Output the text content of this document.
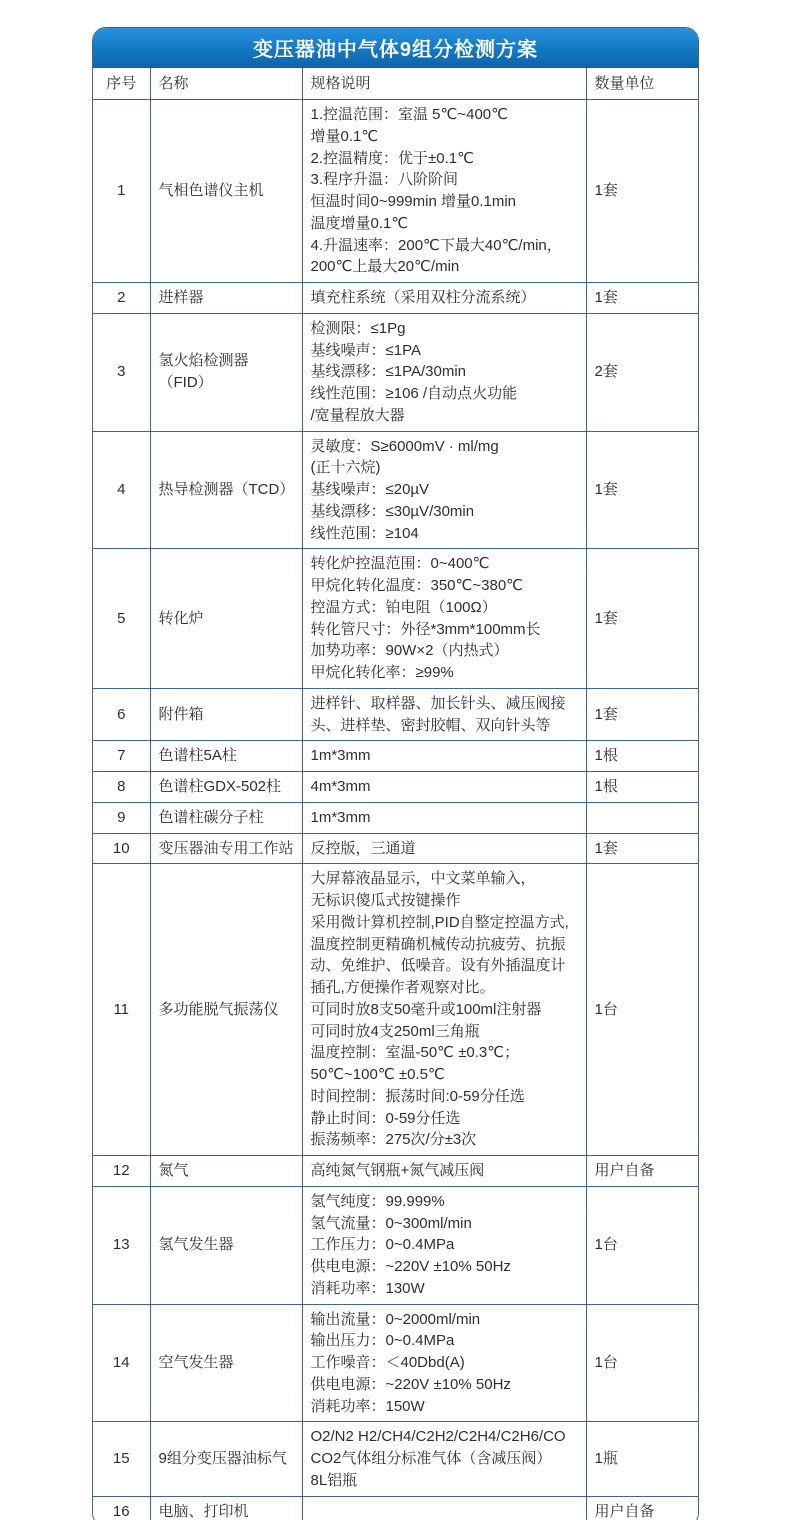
变压器油中气体9组分检测方案
序号	名称	规格说明	数量单位
1	气相色谱仪主机	1.控温范围：室温 5℃~400℃
增量0.1℃
2.控温精度：优于±0.1℃
3.程序升温：八阶阶间
恒温时间0~999min 增量0.1min
温度增量0.1℃
4.升温速率：200℃下最大40℃/min，
200℃上最大20℃/min	1套
2	进样器	填充柱系统（采用双柱分流系统）	1套
3	氢火焰检测器（FID）	检测限：≤1Pg
基线噪声：≤1PA
基线漂移：≤1PA/30min
线性范围：≥106 /自动点火功能
/宽量程放大器	2套
4	热导检测器（TCD）	灵敏度：S≥6000mV · ml/mg
(正十六烷)
基线噪声：≤20µV
基线漂移：≤30µV/30min
线性范围：≥104	1套
5	转化炉	转化炉控温范围：0~400℃
甲烷化转化温度：350℃~380℃
控温方式：铂电阻（100Ω）
转化管尺寸：外径*3mm*100mm长
加势功率：90W×2（内热式）
甲烷化转化率：≥99%	1套
6	附件箱	进样针、取样器、加长针头、减压阀接头、进样垫、密封胶帽、双向针头等	1套
7	色谱柱5A柱	1m*3mm	1根
8	色谱柱GDX-502柱	4m*3mm	1根
9	色谱柱碳分子柱	1m*3mm	
10	变压器油专用工作站	反控版，三通道	1套
11	多功能脱气振荡仪	大屏幕液晶显示，中文菜单输入，
无标识傻瓜式按键操作
采用微计算机控制,PID自整定控温方式,温度控制更精确机械传动抗疲劳、抗振动、免维护、低噪音。设有外插温度计插孔,方便操作者观察对比。
可同时放8支50毫升或100ml注射器
可同时放4支250ml三角瓶
温度控制：室温-50℃ ±0.3℃；
50℃~100℃ ±0.5℃
时间控制：振荡时间:0-59分任选
静止时间：0-59分任选
振荡频率：275次/分±3次	1台
12	氮气	高纯氮气钢瓶+氮气减压阀	用户自备
13	氢气发生器	氢气纯度：99.999%
氢气流量：0~300ml/min
工作压力：0~0.4MPa
供电电源：~220V ±10% 50Hz
消耗功率：130W	1台
14	空气发生器	输出流量：0~2000ml/min
输出压力：0~0.4MPa
工作噪音：＜40Dbd(A)
供电电源：~220V ±10% 50Hz
消耗功率：150W	1台
15	9组分变压器油标气	O2/N2 H2/CH4/C2H2/C2H4/C2H6/CO
CO2气体组分标准气体（含减压阀）
8L铝瓶	1瓶
16	电脑、打印机		用户自备
